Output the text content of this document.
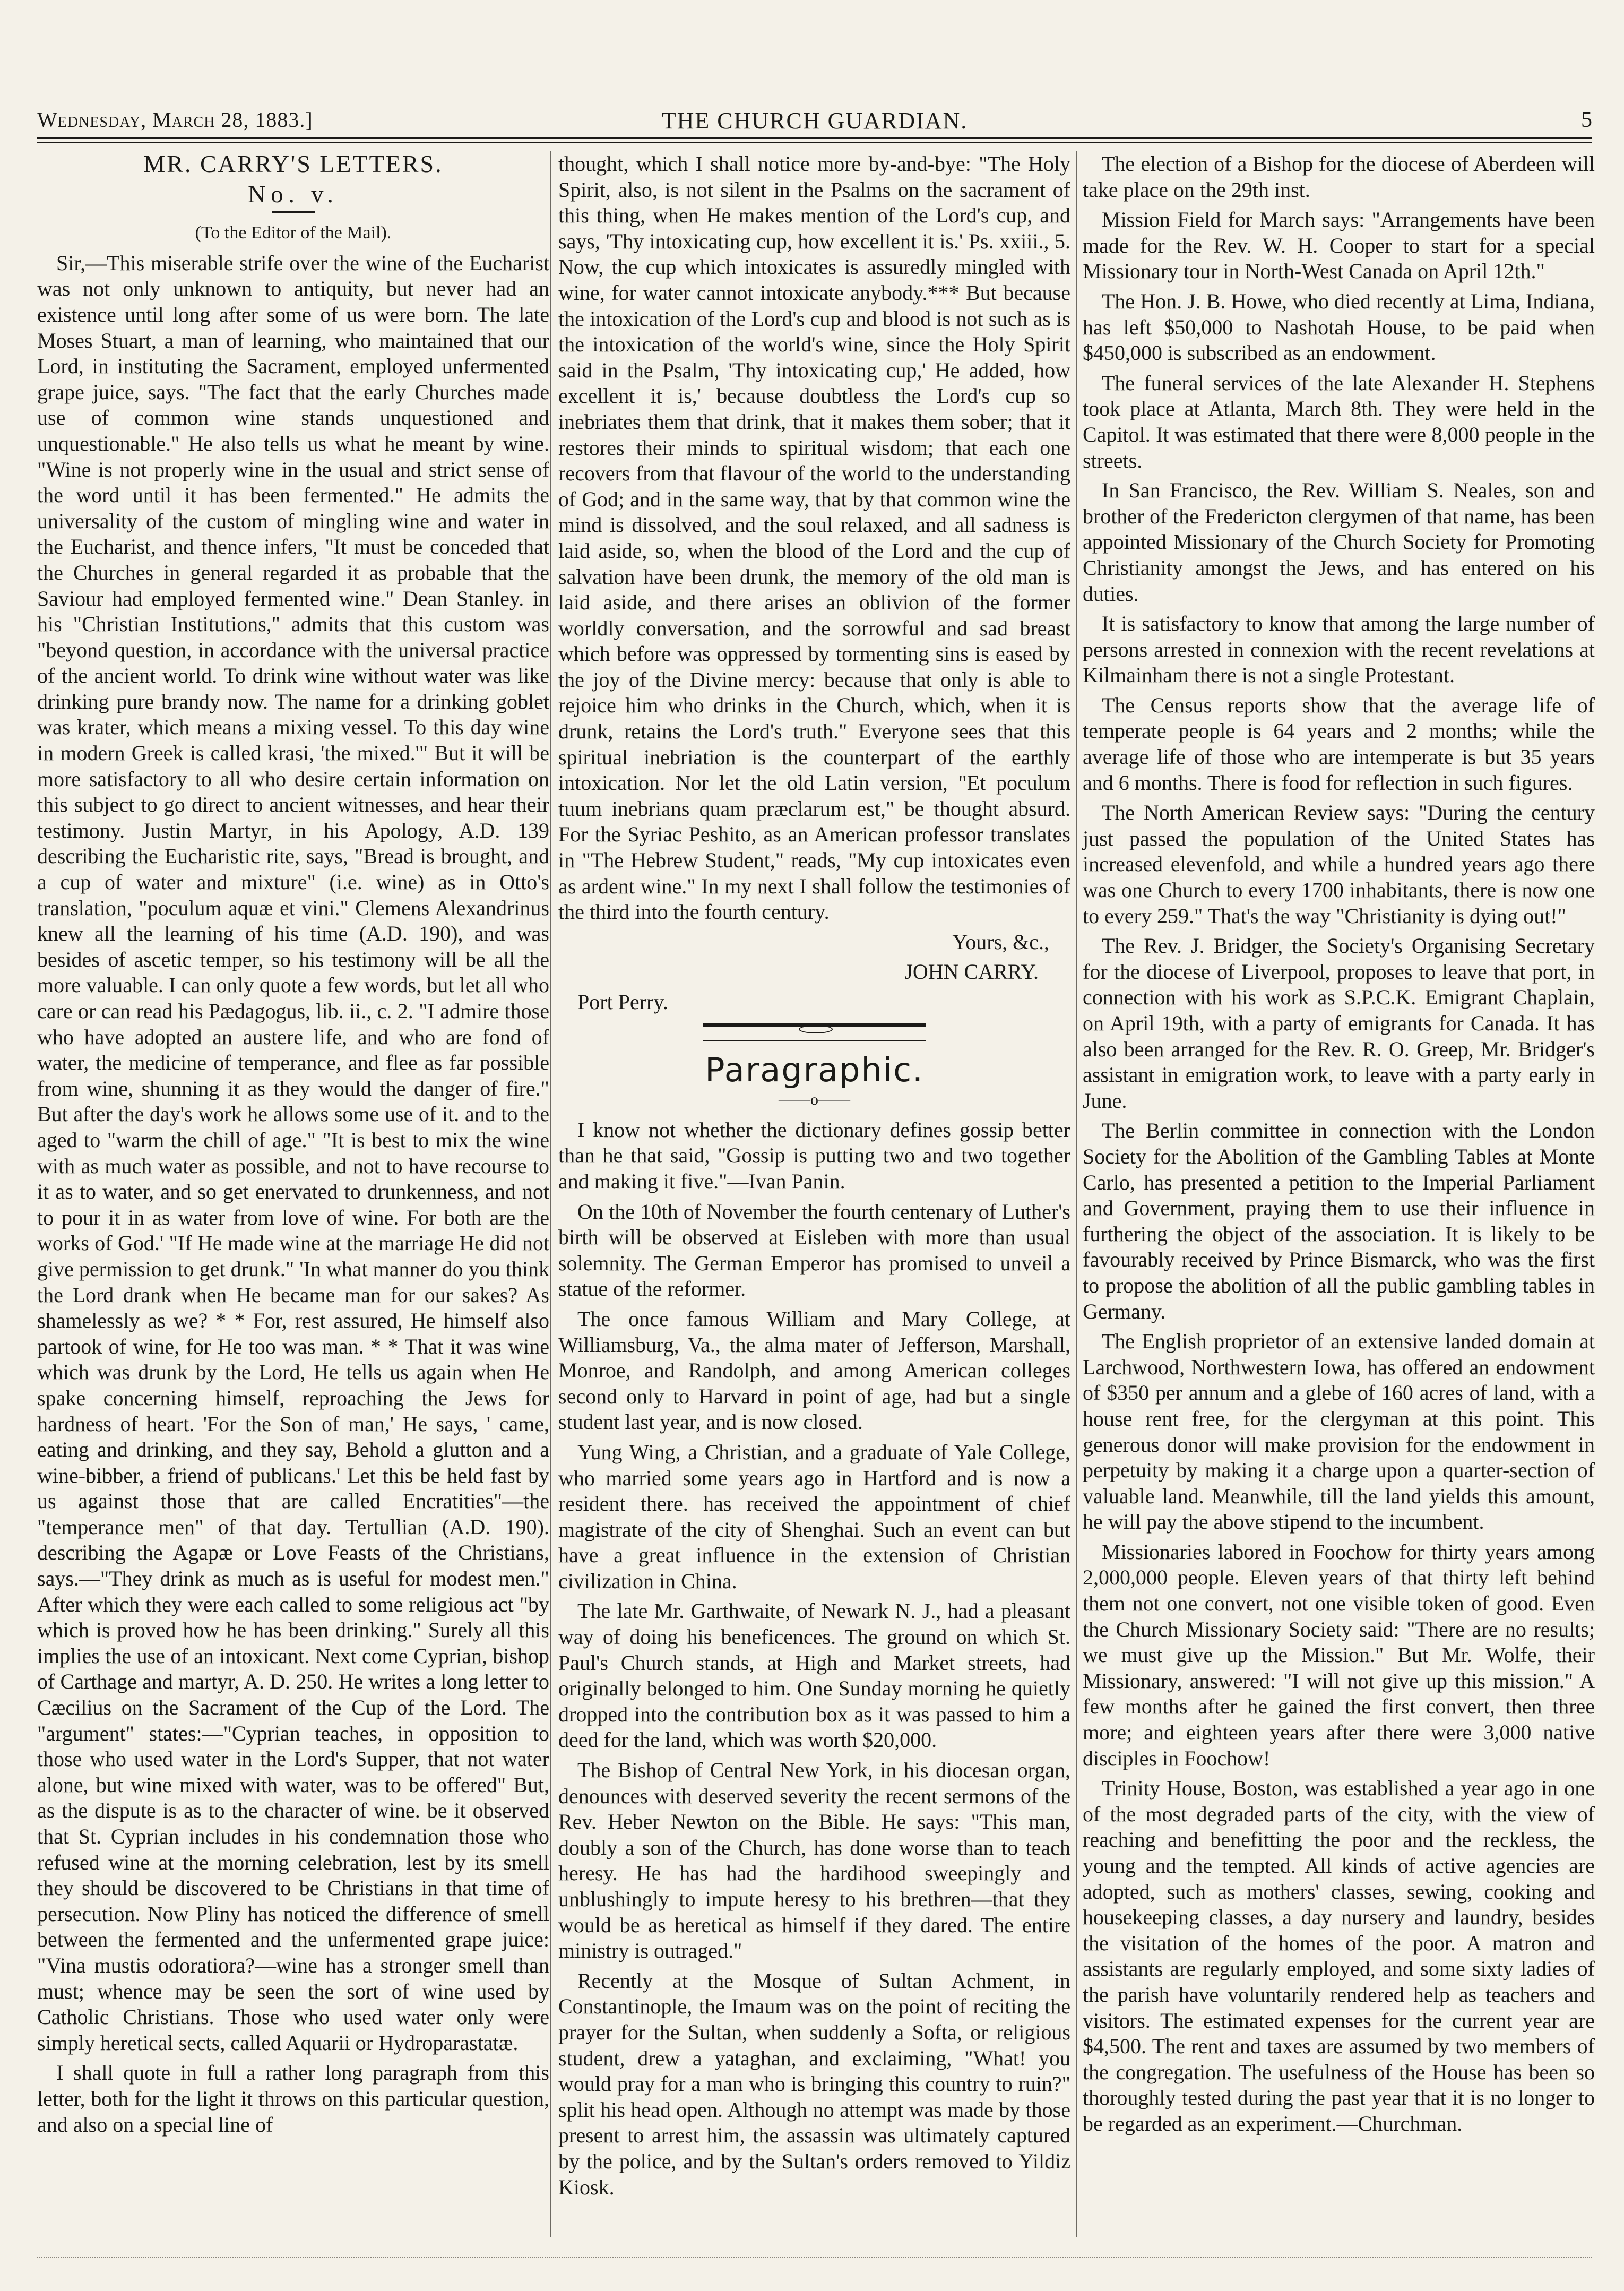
Wednesday, March 28, 1883.]	THE CHURCH GUARDIAN.	5

MR. CARRY'S LETTERS.

No. v.

(To the Editor of the Mail).

Sir,—This miserable strife over the wine of the Eucharist was not only unknown to antiquity, but never had an existence until long after some of us were born. The late Moses Stuart, a man of learning, who maintained that our Lord, in instituting the Sacrament, employed unfermented grape juice, says. "The fact that the early Churches made use of common wine stands unquestioned and unquestionable." He also tells us what he meant by wine. "Wine is not properly wine in the usual and strict sense of the word until it has been fermented." He admits the universality of the custom of mingling wine and water in the Eucharist, and thence infers, "It must be conceded that the Churches in general regarded it as probable that the Saviour had employed fermented wine." Dean Stanley. in his "Christian Institutions," admits that this custom was "beyond question, in accordance with the universal practice of the ancient world. To drink wine without water was like drinking pure brandy now. The name for a drinking goblet was krater, which means a mixing vessel. To this day wine in modern Greek is called krasi, 'the mixed.'" But it will be more satisfactory to all who desire certain information on this subject to go direct to ancient witnesses, and hear their testimony. Justin Martyr, in his Apology, A.D. 139 describing the Eucharistic rite, says, "Bread is brought, and a cup of water and mixture" (i.e. wine) as in Otto's translation, "poculum aquæ et vini." Clemens Alexandrinus knew all the learning of his time (A.D. 190), and was besides of ascetic temper, so his testimony will be all the more valuable. I can only quote a few words, but let all who care or can read his Pædagogus, lib. ii., c. 2. "I admire those who have adopted an austere life, and who are fond of water, the medicine of temperance, and flee as far possible from wine, shunning it as they would the danger of fire." But after the day's work he allows some use of it. and to the aged to "warm the chill of age." "It is best to mix the wine with as much water as possible, and not to have recourse to it as to water, and so get enervated to drunkenness, and not to pour it in as water from love of wine. For both are the works of God.' "If He made wine at the marriage He did not give permission to get drunk." 'In what manner do you think the Lord drank when He became man for our sakes? As shamelessly as we? * * For, rest assured, He himself also partook of wine, for He too was man. * * That it was wine which was drunk by the Lord, He tells us again when He spake concerning himself, reproaching the Jews for hardness of heart. 'For the Son of man,' He says, ' came, eating and drinking, and they say, Behold a glutton and a wine-bibber, a friend of publicans.' Let this be held fast by us against those that are called Encratities"—the "temperance men" of that day. Tertullian (A.D. 190). describing the Agapæ or Love Feasts of the Christians, says.—"They drink as much as is useful for modest men." After which they were each called to some religious act "by which is proved how he has been drinking." Surely all this implies the use of an intoxicant. Next come Cyprian, bishop of Carthage and martyr, A. D. 250. He writes a long letter to Cæcilius on the Sacrament of the Cup of the Lord. The "argument" states:—"Cyprian teaches, in opposition to those who used water in the Lord's Supper, that not water alone, but wine mixed with water, was to be offered" But, as the dispute is as to the character of wine. be it observed that St. Cyprian includes in his condemnation those who refused wine at the morning celebration, lest by its smell they should be discovered to be Christians in that time of persecution. Now Pliny has noticed the difference of smell between the fermented and the unfermented grape juice: "Vina mustis odoratiora?—wine has a stronger smell than must; whence may be seen the sort of wine used by Catholic Christians. Those who used water only were simply heretical sects, called Aquarii or Hydroparastatæ.

I shall quote in full a rather long paragraph from this letter, both for the light it throws on this particular question, and also on a special line of

thought, which I shall notice more by-and-bye: "The Holy Spirit, also, is not silent in the Psalms on the sacrament of this thing, when He makes mention of the Lord's cup, and says, 'Thy intoxicating cup, how excellent it is.' Ps. xxiii., 5. Now, the cup which intoxicates is assuredly mingled with wine, for water cannot intoxicate anybody.*** But because the intoxication of the Lord's cup and blood is not such as is the intoxication of the world's wine, since the Holy Spirit said in the Psalm, 'Thy intoxicating cup,' He added, how excellent it is,' because doubtless the Lord's cup so inebriates them that drink, that it makes them sober; that it restores their minds to spiritual wisdom; that each one recovers from that flavour of the world to the understanding of God; and in the same way, that by that common wine the mind is dissolved, and the soul relaxed, and all sadness is laid aside, so, when the blood of the Lord and the cup of salvation have been drunk, the memory of the old man is laid aside, and there arises an oblivion of the former worldly conversation, and the sorrowful and sad breast which before was oppressed by tormenting sins is eased by the joy of the Divine mercy: because that only is able to rejoice him who drinks in the Church, which, when it is drunk, retains the Lord's truth." Everyone sees that this spiritual inebriation is the counterpart of the earthly intoxication. Nor let the old Latin version, "Et poculum tuum inebrians quam præclarum est," be thought absurd. For the Syriac Peshito, as an American professor translates in "The Hebrew Student," reads, "My cup intoxicates even as ardent wine." In my next I shall follow the testimonies of the third into the fourth century.

Yours, &c.,

JOHN CARRY.

Port Perry.

Paragraphic.

——o——

I know not whether the dictionary defines gossip better than he that said, "Gossip is putting two and two together and making it five."—Ivan Panin.

On the 10th of November the fourth centenary of Luther's birth will be observed at Eisleben with more than usual solemnity. The German Emperor has promised to unveil a statue of the reformer.

The once famous William and Mary College, at Williamsburg, Va., the alma mater of Jefferson, Marshall, Monroe, and Randolph, and among American colleges second only to Harvard in point of age, had but a single student last year, and is now closed.

Yung Wing, a Christian, and a graduate of Yale College, who married some years ago in Hartford and is now a resident there. has received the appointment of chief magistrate of the city of Shenghai. Such an event can but have a great influence in the extension of Christian civilization in China.

The late Mr. Garthwaite, of Newark N. J., had a pleasant way of doing his beneficences. The ground on which St. Paul's Church stands, at High and Market streets, had originally belonged to him. One Sunday morning he quietly dropped into the contribution box as it was passed to him a deed for the land, which was worth $20,000.

The Bishop of Central New York, in his diocesan organ, denounces with deserved severity the recent sermons of the Rev. Heber Newton on the Bible. He says: "This man, doubly a son of the Church, has done worse than to teach heresy. He has had the hardihood sweepingly and unblushingly to impute heresy to his brethren—that they would be as heretical as himself if they dared. The entire ministry is outraged."

Recently at the Mosque of Sultan Achment, in Constantinople, the Imaum was on the point of reciting the prayer for the Sultan, when suddenly a Softa, or religious student, drew a yataghan, and exclaiming, "What! you would pray for a man who is bringing this country to ruin?" split his head open. Although no attempt was made by those present to arrest him, the assassin was ultimately captured by the police, and by the Sultan's orders removed to Yildiz Kiosk.

The election of a Bishop for the diocese of Aberdeen will take place on the 29th inst.

Mission Field for March says: "Arrangements have been made for the Rev. W. H. Cooper to start for a special Missionary tour in North-West Canada on April 12th."

The Hon. J. B. Howe, who died recently at Lima, Indiana, has left $50,000 to Nashotah House, to be paid when $450,000 is subscribed as an endowment.

The funeral services of the late Alexander H. Stephens took place at Atlanta, March 8th. They were held in the Capitol. It was estimated that there were 8,000 people in the streets.

In San Francisco, the Rev. William S. Neales, son and brother of the Fredericton clergymen of that name, has been appointed Missionary of the Church Society for Promoting Christianity amongst the Jews, and has entered on his duties.

It is satisfactory to know that among the large number of persons arrested in connexion with the recent revelations at Kilmainham there is not a single Protestant.

The Census reports show that the average life of temperate people is 64 years and 2 months; while the average life of those who are intemperate is but 35 years and 6 months. There is food for reflection in such figures.

The North American Review says: "During the century just passed the population of the United States has increased elevenfold, and while a hundred years ago there was one Church to every 1700 inhabitants, there is now one to every 259." That's the way "Christianity is dying out!"

The Rev. J. Bridger, the Society's Organising Secretary for the diocese of Liverpool, proposes to leave that port, in connection with his work as S.P.C.K. Emigrant Chaplain, on April 19th, with a party of emigrants for Canada. It has also been arranged for the Rev. R. O. Greep, Mr. Bridger's assistant in emigration work, to leave with a party early in June.

The Berlin committee in connection with the London Society for the Abolition of the Gambling Tables at Monte Carlo, has presented a petition to the Imperial Parliament and Government, praying them to use their influence in furthering the object of the association. It is likely to be favourably received by Prince Bismarck, who was the first to propose the abolition of all the public gambling tables in Germany.

The English proprietor of an extensive landed domain at Larchwood, Northwestern Iowa, has offered an endowment of $350 per annum and a glebe of 160 acres of land, with a house rent free, for the clergyman at this point. This generous donor will make provision for the endowment in perpetuity by making it a charge upon a quarter-section of valuable land. Meanwhile, till the land yields this amount, he will pay the above stipend to the incumbent.

Missionaries labored in Foochow for thirty years among 2,000,000 people. Eleven years of that thirty left behind them not one convert, not one visible token of good. Even the Church Missionary Society said: "There are no results; we must give up the Mission." But Mr. Wolfe, their Missionary, answered: "I will not give up this mission." A few months after he gained the first convert, then three more; and eighteen years after there were 3,000 native disciples in Foochow!

Trinity House, Boston, was established a year ago in one of the most degraded parts of the city, with the view of reaching and benefitting the poor and the reckless, the young and the tempted. All kinds of active agencies are adopted, such as mothers' classes, sewing, cooking and housekeeping classes, a day nursery and laundry, besides the visitation of the homes of the poor. A matron and assistants are regularly employed, and some sixty ladies of the parish have voluntarily rendered help as teachers and visitors. The estimated expenses for the current year are $4,500. The rent and taxes are assumed by two members of the congregation. The usefulness of the House has been so thoroughly tested during the past year that it is no longer to be regarded as an experiment.—Churchman.
